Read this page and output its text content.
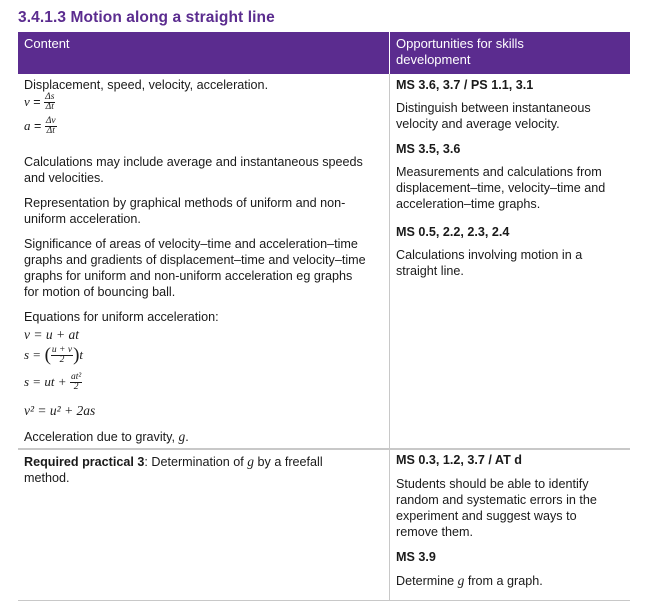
3.4.1.3 Motion along a straight line
Content	Opportunities for skills
development
Displacement, speed, velocity, acceleration.
$v = \frac{\Delta s}{\Delta t}$
$a = \frac{\Delta v}{\Delta t}$
Calculations may include average and instantaneous speeds
and velocities.
Representation by graphical methods of uniform and non-
uniform acceleration.
Significance of areas of velocity–time and acceleration–time
graphs and gradients of displacement–time and velocity–time
graphs for uniform and non-uniform acceleration eg graphs
for motion of bouncing ball.
Equations for uniform acceleration:
v = u + at
s = ( $\frac{u + v}{2} )t$
s = ut + $\frac{\text{at²}}{2}$
v² = u² + 2as
Acceleration due to gravity, g.
MS 3.6, 3.7 / PS 1.1, 3.1
Distinguish between instantaneous
velocity and average velocity.
MS 3.5, 3.6
Measurements and calculations from
displacement–time, velocity–time and
acceleration–time graphs.
MS 0.5, 2.2, 2.3, 2.4
Calculations involving motion in a
straight line.
Required practical 3: Determination of g by a freefall
method.
MS 0.3, 1.2, 3.7 / AT d
Students should be able to identify
random and systematic errors in the
experiment and suggest ways to
remove them.
MS 3.9
Determine g from a graph.
